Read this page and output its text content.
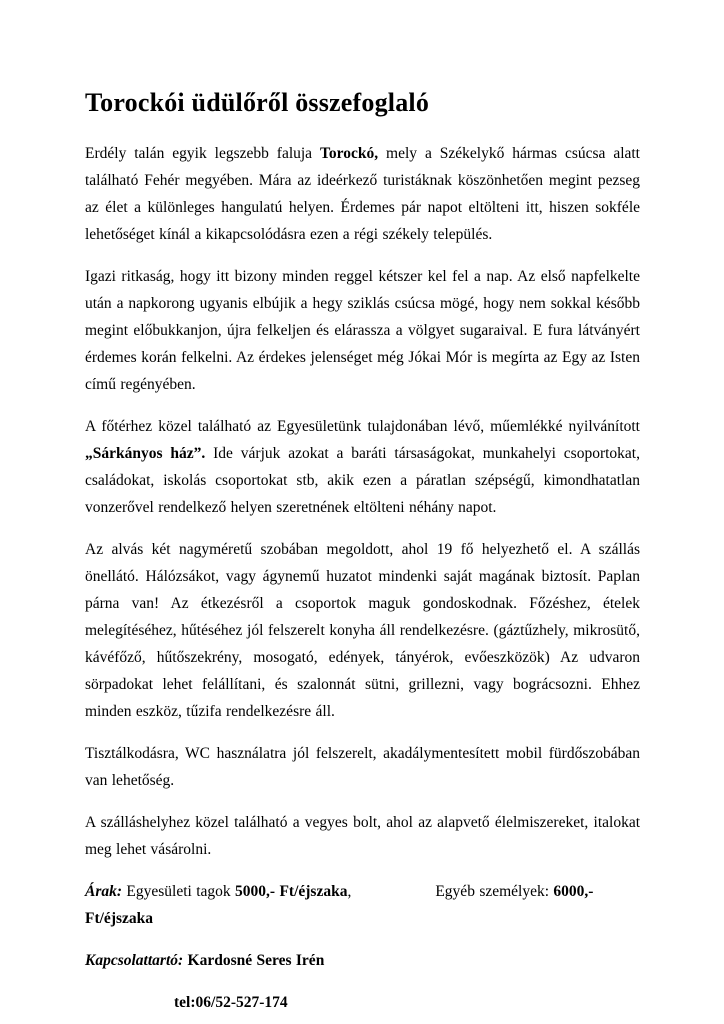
Torockói üdülőről összefoglaló

Erdély talán egyik legszebb faluja Torockó, mely a Székelykő hármas csúcsa alatt található Fehér megyében. Mára az ideérkező turistáknak köszönhetően megint pezseg az élet a különleges hangulatú helyen. Érdemes pár napot eltölteni itt, hiszen sokféle lehetőséget kínál a kikapcsolódásra ezen a régi székely település.

Igazi ritkaság, hogy itt bizony minden reggel kétszer kel fel a nap. Az első napfelkelte után a napkorong ugyanis elbújik a hegy sziklás csúcsa mögé, hogy nem sokkal később megint előbukkanjon, újra felkeljen és elárassza a völgyet sugaraival. E fura látványért érdemes korán felkelni. Az érdekes jelenséget még Jókai Mór is megírta az Egy az Isten című regényében.

A főtérhez közel található az Egyesületünk tulajdonában lévő, műemlékké nyilvánított „Sárkányos ház”. Ide várjuk azokat a baráti társaságokat, munkahelyi csoportokat, családokat, iskolás csoportokat stb, akik ezen a páratlan szépségű, kimondhatatlan vonzerővel rendelkező helyen szeretnének eltölteni néhány napot.

Az alvás két nagyméretű szobában megoldott, ahol 19 fő helyezhető el. A szállás önellátó. Hálózsákot, vagy ágynemű huzatot mindenki saját magának biztosít. Paplan párna van! Az étkezésről a csoportok maguk gondoskodnak. Főzéshez, ételek melegítéséhez, hűtéséhez jól felszerelt konyha áll rendelkezésre. (gáztűzhely, mikrosütő, kávéfőző, hűtőszekrény, mosogató, edények, tányérok, evőeszközök) Az udvaron sörpadokat lehet felállítani, és szalonnát sütni, grillezni, vagy bográcsozni. Ehhez minden eszköz, tűzifa rendelkezésre áll.

Tisztálkodásra, WC használatra jól felszerelt, akadálymentesített mobil fürdőszobában van lehetőség.

A szálláshelyhez közel található a vegyes bolt, ahol az alapvető élelmiszereket, italokat meg lehet vásárolni.

Árak: Egyesületi tagok 5000,- Ft/éjszaka,	Egyéb személyek: 6000,-
Ft/éjszaka

Kapcsolattartó: Kardosné Seres Irén

tel:06/52-527-174
